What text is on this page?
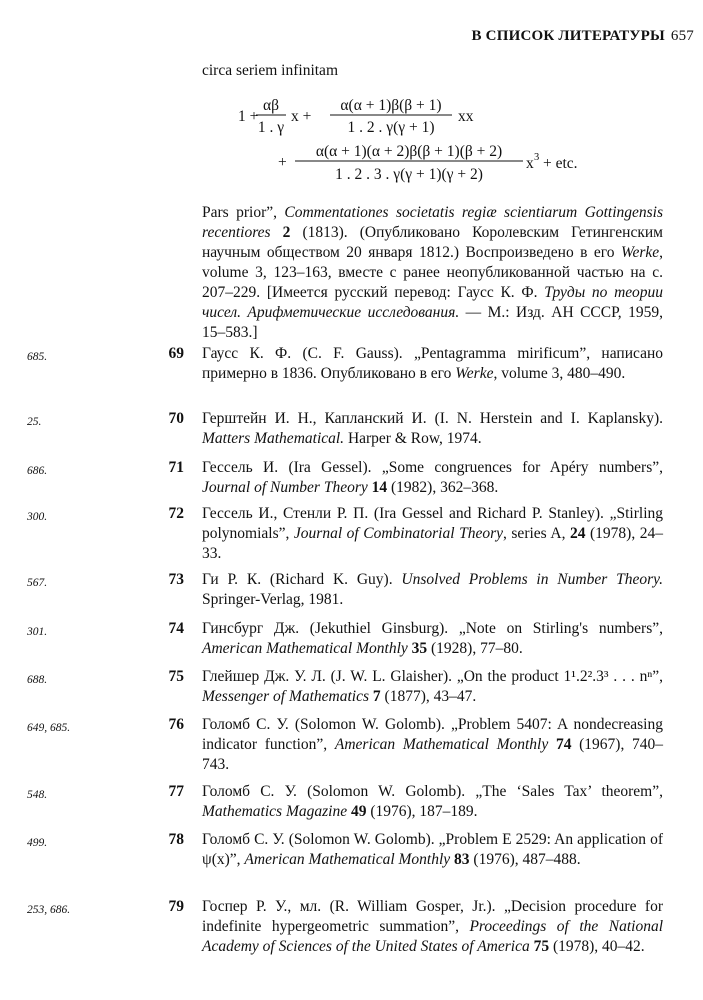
В СПИСОК ЛИТЕРАТУРЫ 657
circa seriem infinitam
1 +
αβ
1 . γ
x +
α(α + 1)β(β + 1)
1 . 2 . γ(γ + 1)
xx
+
α(α + 1)(α + 2)β(β + 1)(β + 2)
1 . 2 . 3 . γ(γ + 1)(γ + 2)
x 3 + etc.
Pars prior”, Commentationes societatis regiæ scientiarum Gottingensis recentiores 2 (1813). (Опубликовано Королевским Гетингенским научным обществом 20 января 1812.) Воспроизведено в его Werke, volume 3, 123–163, вместе с ранее неопубликованной частью на с. 207–229. [Имеется русский перевод: Гаусс К. Ф. Труды по теории чисел. Арифметические исследования. — М.: Изд. АН СССР, 1959, 15–583.]
685.	69 Гаусс К. Ф. (C. F. Gauss). „Pentagramma mirificum”, написано примерно в 1836. Опубликовано в его Werke, volume 3, 480–490.
25.	70 Герштейн И. Н., Капланский И. (I. N. Herstein and I. Kaplansky). Matters Mathematical. Harper & Row, 1974.
686.	71 Гессель И. (Ira Gessel). „Some congruences for Apéry numbers”, Journal of Number Theory 14 (1982), 362–368.
300.	72 Гессель И., Стенли Р. П. (Ira Gessel and Richard P. Stanley). „Stirling polynomials”, Journal of Combinatorial Theory, series A, 24 (1978), 24–33.
567.	73 Ги Р. К. (Richard K. Guy). Unsolved Problems in Number Theory. Springer-Verlag, 1981.
301.	74 Гинсбург Дж. (Jekuthiel Ginsburg). „Note on Stirling's numbers”, American Mathematical Monthly 35 (1928), 77–80.
688.	75 Глейшер Дж. У. Л. (J. W. L. Glaisher). „On the product 1¹.2².3³ . . . nⁿ”, Messenger of Mathematics 7 (1877), 43–47.
649, 685.	76 Голомб С. У. (Solomon W. Golomb). „Problem 5407: A nondecreasing indicator function”, American Mathematical Monthly 74 (1967), 740–743.
548.	77 Голомб С. У. (Solomon W. Golomb). „The ‘Sales Tax’ theorem”, Mathematics Magazine 49 (1976), 187–189.
499.	78 Голомб С. У. (Solomon W. Golomb). „Problem E 2529: An application of ψ(x)”, American Mathematical Monthly 83 (1976), 487–488.
253, 686.	79 Госпер Р. У., мл. (R. William Gosper, Jr.). „Decision procedure for indefinite hypergeometric summation”, Proceedings of the National Academy of Sciences of the United States of America 75 (1978), 40–42.
